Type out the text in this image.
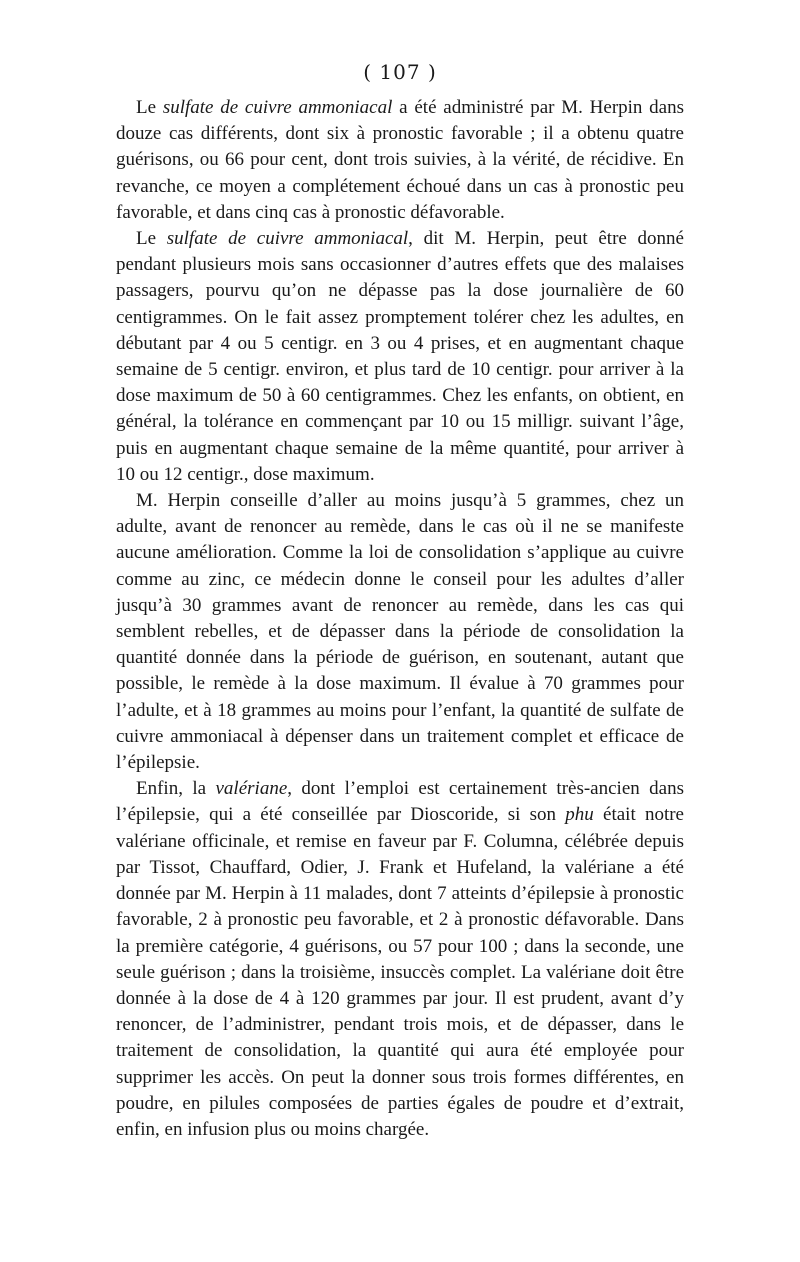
( 107 )

Le sulfate de cuivre ammoniacal a été administré par M. Herpin dans douze cas différents, dont six à pronostic favorable ; il a obtenu quatre guérisons, ou 66 pour cent, dont trois suivies, à la vérité, de récidive. En revanche, ce moyen a complétement échoué dans un cas à pronostic peu favorable, et dans cinq cas à pronostic défavorable.

Le sulfate de cuivre ammoniacal, dit M. Herpin, peut être donné pendant plusieurs mois sans occasionner d’autres effets que des malaises passagers, pourvu qu’on ne dépasse pas la dose journalière de 60 centigrammes. On le fait assez promptement tolérer chez les adultes, en débutant par 4 ou 5 centigr. en 3 ou 4 prises, et en augmentant chaque semaine de 5 centigr. environ, et plus tard de 10 centigr. pour arriver à la dose maximum de 50 à 60 centigrammes. Chez les enfants, on obtient, en général, la tolérance en commençant par 10 ou 15 milligr. suivant l’âge, puis en augmentant chaque semaine de la même quantité, pour arriver à 10 ou 12 centigr., dose maximum.

M. Herpin conseille d’aller au moins jusqu’à 5 grammes, chez un adulte, avant de renoncer au remède, dans le cas où il ne se manifeste aucune amélioration. Comme la loi de consolidation s’applique au cuivre comme au zinc, ce médecin donne le conseil pour les adultes d’aller jusqu’à 30 grammes avant de renoncer au remède, dans les cas qui semblent rebelles, et de dépasser dans la période de consolidation la quantité donnée dans la période de guérison, en soutenant, autant que possible, le remède à la dose maximum. Il évalue à 70 grammes pour l’adulte, et à 18 grammes au moins pour l’enfant, la quantité de sulfate de cuivre ammoniacal à dépenser dans un traitement complet et efficace de l’épilepsie.

Enfin, la valériane, dont l’emploi est certainement très-ancien dans l’épilepsie, qui a été conseillée par Dioscoride, si son phu était notre valériane officinale, et remise en faveur par F. Columna, célébrée depuis par Tissot, Chauffard, Odier, J. Frank et Hufeland, la valériane a été donnée par M. Herpin à 11 malades, dont 7 atteints d’épilepsie à pronostic favorable, 2 à pronostic peu favorable, et 2 à pronostic défavorable. Dans la première catégorie, 4 guérisons, ou 57 pour 100 ; dans la seconde, une seule guérison ; dans la troisième, insuccès complet. La valériane doit être donnée à la dose de 4 à 120 grammes par jour. Il est prudent, avant d’y renoncer, de l’administrer, pendant trois mois, et de dépasser, dans le traitement de consolidation, la quantité qui aura été employée pour supprimer les accès. On peut la donner sous trois formes différentes, en poudre, en pilules composées de parties égales de poudre et d’extrait, enfin, en infusion plus ou moins chargée.
